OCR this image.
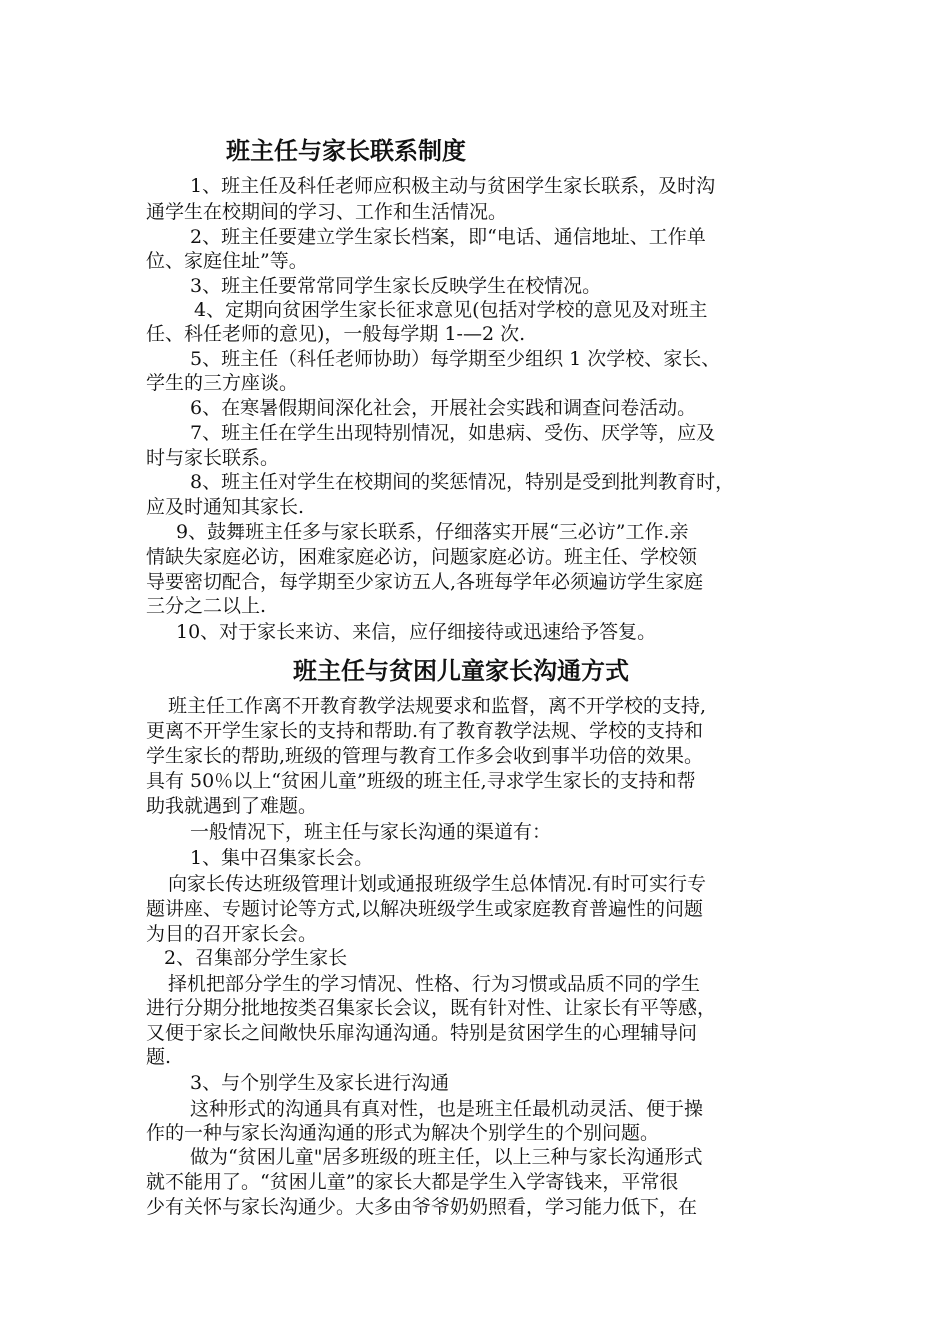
班主任与家长联系制度

1、班主任及科任老师应积极主动与贫困学生家长联系，及时沟

通学生在校期间的学习、工作和生活情况。

2、班主任要建立学生家长档案，即“电话、通信地址、工作单

位、家庭住址”等。

3、班主任要常常同学生家长反映学生在校情况。

4、定期向贫困学生家长征求意见(包括对学校的意见及对班主

任、科任老师的意见)，一般每学期 1-—2 次.

5、班主任（科任老师协助）每学期至少组织 1 次学校、家长、

学生的三方座谈。

6、在寒暑假期间深化社会，开展社会实践和调查问卷活动。

7、班主任在学生出现特别情况，如患病、受伤、厌学等，应及

时与家长联系。

8、班主任对学生在校期间的奖惩情况，特别是受到批判教育时，

应及时通知其家长.

9、鼓舞班主任多与家长联系，仔细落实开展“三必访”工作.亲

情缺失家庭必访，困难家庭必访，问题家庭必访。班主任、学校领

导要密切配合，每学期至少家访五人,各班每学年必须遍访学生家庭

三分之二以上.

10、对于家长来访、来信，应仔细接待或迅速给予答复。

班主任与贫困儿童家长沟通方式

班主任工作离不开教育教学法规要求和监督，离不开学校的支持,

更离不开学生家长的支持和帮助.有了教育教学法规、学校的支持和

学生家长的帮助,班级的管理与教育工作多会收到事半功倍的效果。

具有 50％以上“贫困儿童”班级的班主任,寻求学生家长的支持和帮

助我就遇到了难题。

一般情况下，班主任与家长沟通的渠道有：

1、集中召集家长会。

向家长传达班级管理计划或通报班级学生总体情况.有时可实行专

题讲座、专题讨论等方式,以解决班级学生或家庭教育普遍性的问题

为目的召开家长会。

2、召集部分学生家长

择机把部分学生的学习情况、性格、行为习惯或品质不同的学生

进行分期分批地按类召集家长会议，既有针对性、让家长有平等感，

又便于家长之间敞快乐扉沟通沟通。特别是贫困学生的心理辅导问

题.

3、与个别学生及家长进行沟通

这种形式的沟通具有真对性，也是班主任最机动灵活、便于操

作的一种与家长沟通沟通的形式为解决个别学生的个别问题。

做为“贫困儿童"居多班级的班主任，以上三种与家长沟通形式

就不能用了。“贫困儿童”的家长大都是学生入学寄钱来，平常很

少有关怀与家长沟通少。大多由爷爷奶奶照看，学习能力低下，在
